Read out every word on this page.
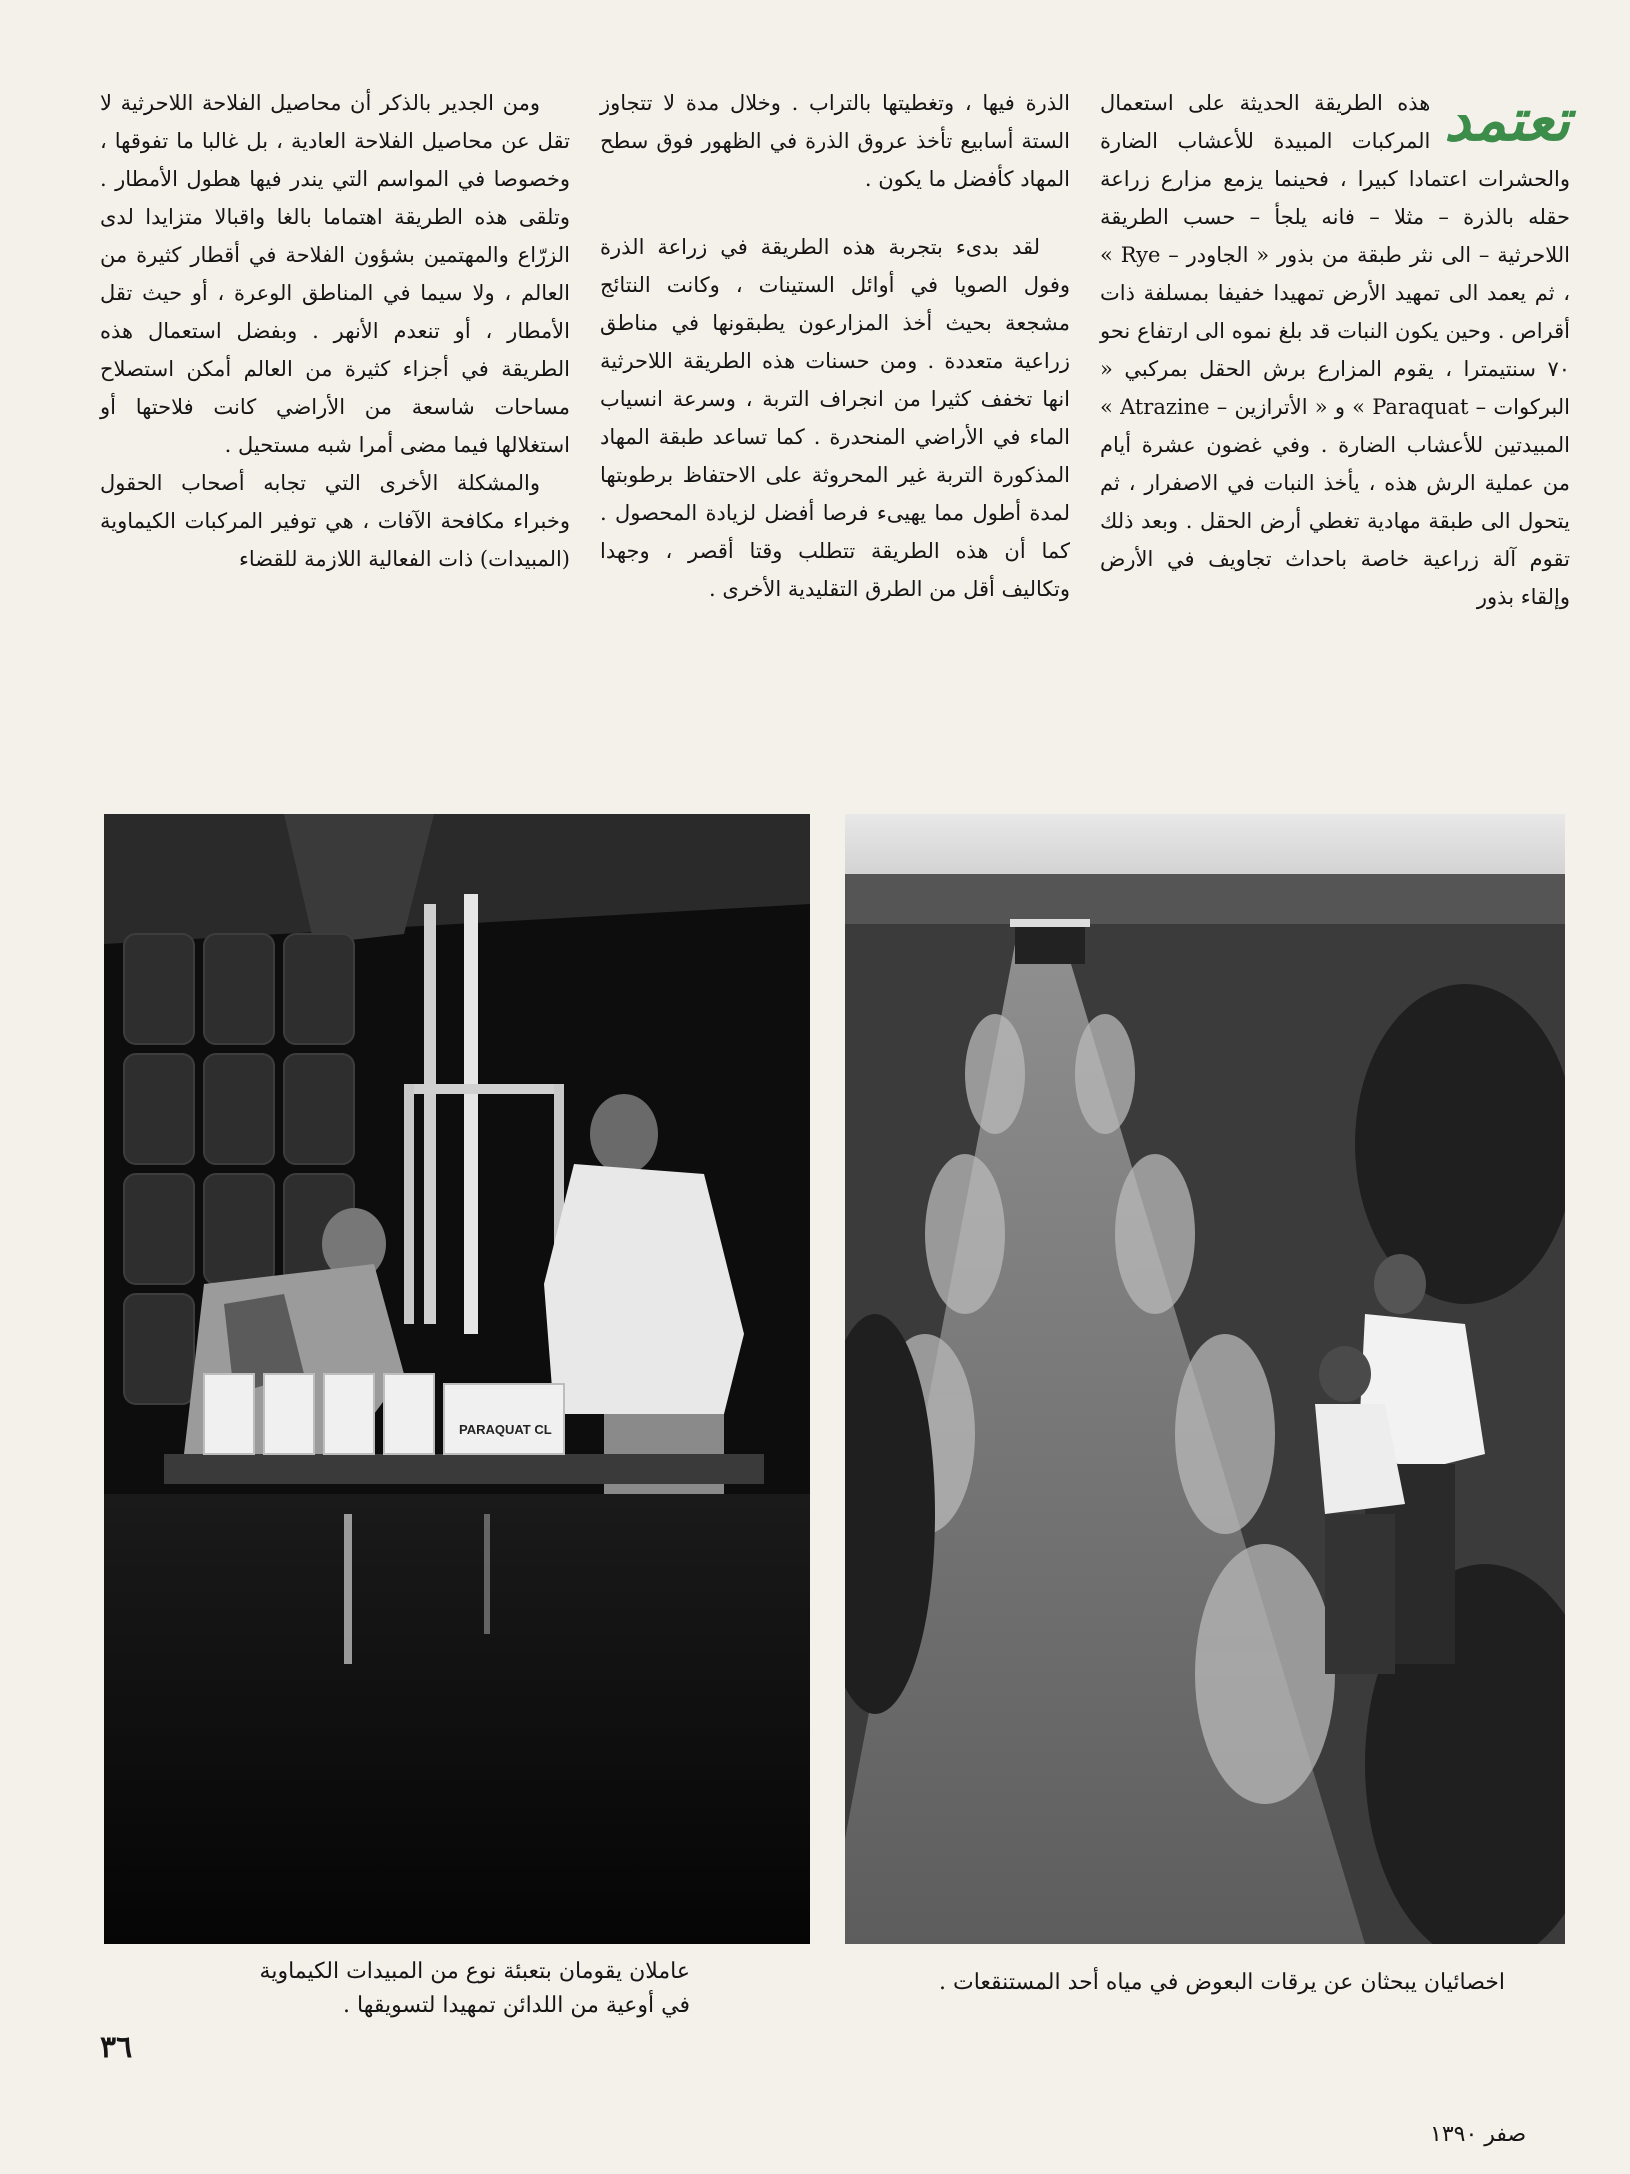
تعتمد

هذه الطريقة الحديثة على استعمال المركبات المبيدة للأعشاب الضارة والحشرات اعتمادا كبيرا ، فحينما يزمع مزارع زراعة حقله بالذرة – مثلا – فانه يلجأ – حسب الطريقة اللاحرثية – الى نثر طبقة من بذور « الجاودر – Rye » ، ثم يعمد الى تمهيد الأرض تمهيدا خفيفا بمسلفة ذات أقراص . وحين يكون النبات قد بلغ نموه الى ارتفاع نحو ٧٠ سنتيمترا ، يقوم المزارع برش الحقل بمركبي « البركوات – Paraquat » و « الأترازين – Atrazine » المبيدتين للأعشاب الضارة . وفي غضون عشرة أيام من عملية الرش هذه ، يأخذ النبات في الاصفرار ، ثم يتحول الى طبقة مهادية تغطي أرض الحقل . وبعد ذلك تقوم آلة زراعية خاصة باحداث تجاويف في الأرض وإلقاء بذور

الذرة فيها ، وتغطيتها بالتراب . وخلال مدة لا تتجاوز الستة أسابيع تأخذ عروق الذرة في الظهور فوق سطح المهاد كأفضل ما يكون .

لقد بدىء بتجربة هذه الطريقة في زراعة الذرة وفول الصويا في أوائل الستينات ، وكانت النتائج مشجعة بحيث أخذ المزارعون يطبقونها في مناطق زراعية متعددة . ومن حسنات هذه الطريقة اللاحرثية انها تخفف كثيرا من انجراف التربة ، وسرعة انسياب الماء في الأراضي المنحدرة . كما تساعد طبقة المهاد المذكورة التربة غير المحروثة على الاحتفاظ برطوبتها لمدة أطول مما يهيىء فرصا أفضل لزيادة المحصول . كما أن هذه الطريقة تتطلب وقتا أقصر ، وجهدا وتكاليف أقل من الطرق التقليدية الأخرى .

ومن الجدير بالذكر أن محاصيل الفلاحة اللاحرثية لا تقل عن محاصيل الفلاحة العادية ، بل غالبا ما تفوقها ، وخصوصا في المواسم التي يندر فيها هطول الأمطار . وتلقى هذه الطريقة اهتماما بالغا واقبالا متزايدا لدى الزرّاع والمهتمين بشؤون الفلاحة في أقطار كثيرة من العالم ، ولا سيما في المناطق الوعرة ، أو حيث تقل الأمطار ، أو تنعدم الأنهر . وبفضل استعمال هذه الطريقة في أجزاء كثيرة من العالم أمكن استصلاح مساحات شاسعة من الأراضي كانت فلاحتها أو استغلالها فيما مضى أمرا شبه مستحيل .

والمشكلة الأخرى التي تجابه أصحاب الحقول وخبراء مكافحة الآفات ، هي توفير المركبات الكيماوية (المبيدات) ذات الفعالية اللازمة للقضاء

PARAQUAT CL
عاملان يقومان بتعبئة نوع من المبيدات الكيماوية
في أوعية من اللدائن تمهيدا لتسويقها .
اخصائيان يبحثان عن يرقات البعوض في مياه أحد المستنقعات .
٣٦
صفر ١٣٩٠
